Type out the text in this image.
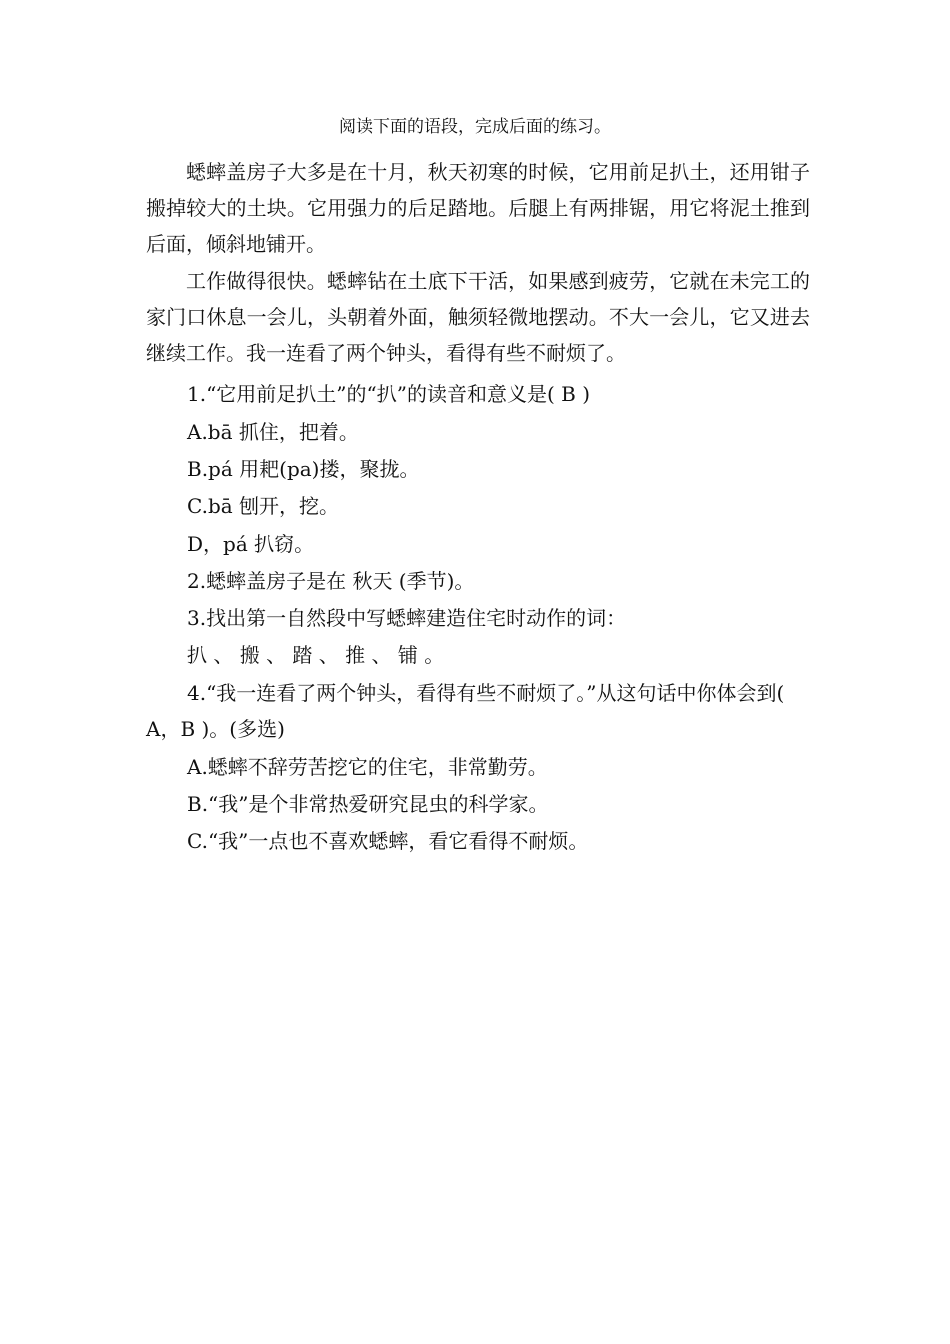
阅读下面的语段，完成后面的练习。

蟋蟀盖房子大多是在十月，秋天初寒的时候，它用前足扒土，还用钳子搬掉较大的土块。它用强力的后足踏地。后腿上有两排锯，用它将泥土推到后面，倾斜地铺开。

工作做得很快。蟋蟀钻在土底下干活，如果感到疲劳，它就在未完工的家门口休息一会儿，头朝着外面，触须轻微地摆动。不大一会儿，它又进去继续工作。我一连看了两个钟头，看得有些不耐烦了。

1.“它用前足扒土”的“扒”的读音和意义是( B )
A.bā 抓住，把着。
B.pá 用耙(pa)搂，聚拢。
C.bā 刨开，挖。
D，pá 扒窃。
2.蟋蟀盖房子是在 秋天 (季节)。
3.找出第一自然段中写蟋蟀建造住宅时动作的词：
扒 、 搬 、 踏 、 推 、 铺 。
4.“我一连看了两个钟头，看得有些不耐烦了。”从这句话中你体会到( A，B )。(多选)
A.蟋蟀不辞劳苦挖它的住宅，非常勤劳。
B.“我”是个非常热爱研究昆虫的科学家。
C.“我”一点也不喜欢蟋蟀，看它看得不耐烦。
